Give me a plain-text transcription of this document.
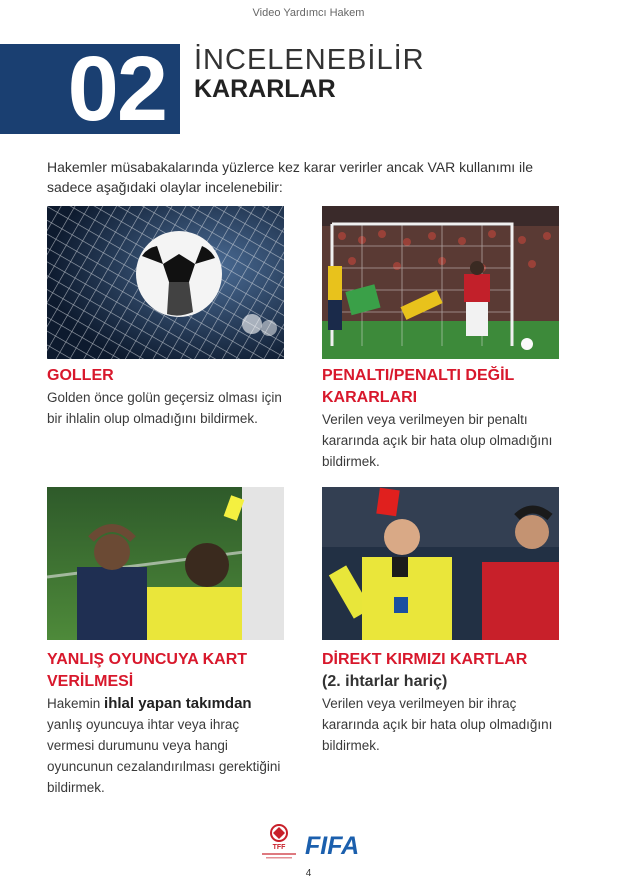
Video Yardımcı Hakem
02 İNCELENEBİLİR
KARARLAR
Hakemler müsabakalarında yüzlerce kez karar verirler ancak VAR kullanımı ile sadece aşağıdaki olaylar incelenebilir:
GOLLER
Golden önce golün geçersiz olması için bir ihlalin olup olmadığını bildirmek.
PENALTI/PENALTI DEĞİL KARARLARI
Verilen veya verilmeyen bir penaltı kararında açık bir hata olup olmadığını bildirmek.
YANLIŞ OYUNCUYA KART VERİLMESİ
Hakemin ihlal yapan takımdan yanlış oyuncuya ihtar veya ihraç vermesi durumunu veya hangi oyuncunun cezalandırılması gerektiğini bildirmek.
DİREKT KIRMIZI KARTLAR
(2. ihtarlar hariç)
Verilen veya verilmeyen bir ihraç kararında açık bir hata olup olmadığını bildirmek.
TFF FIFA
4
